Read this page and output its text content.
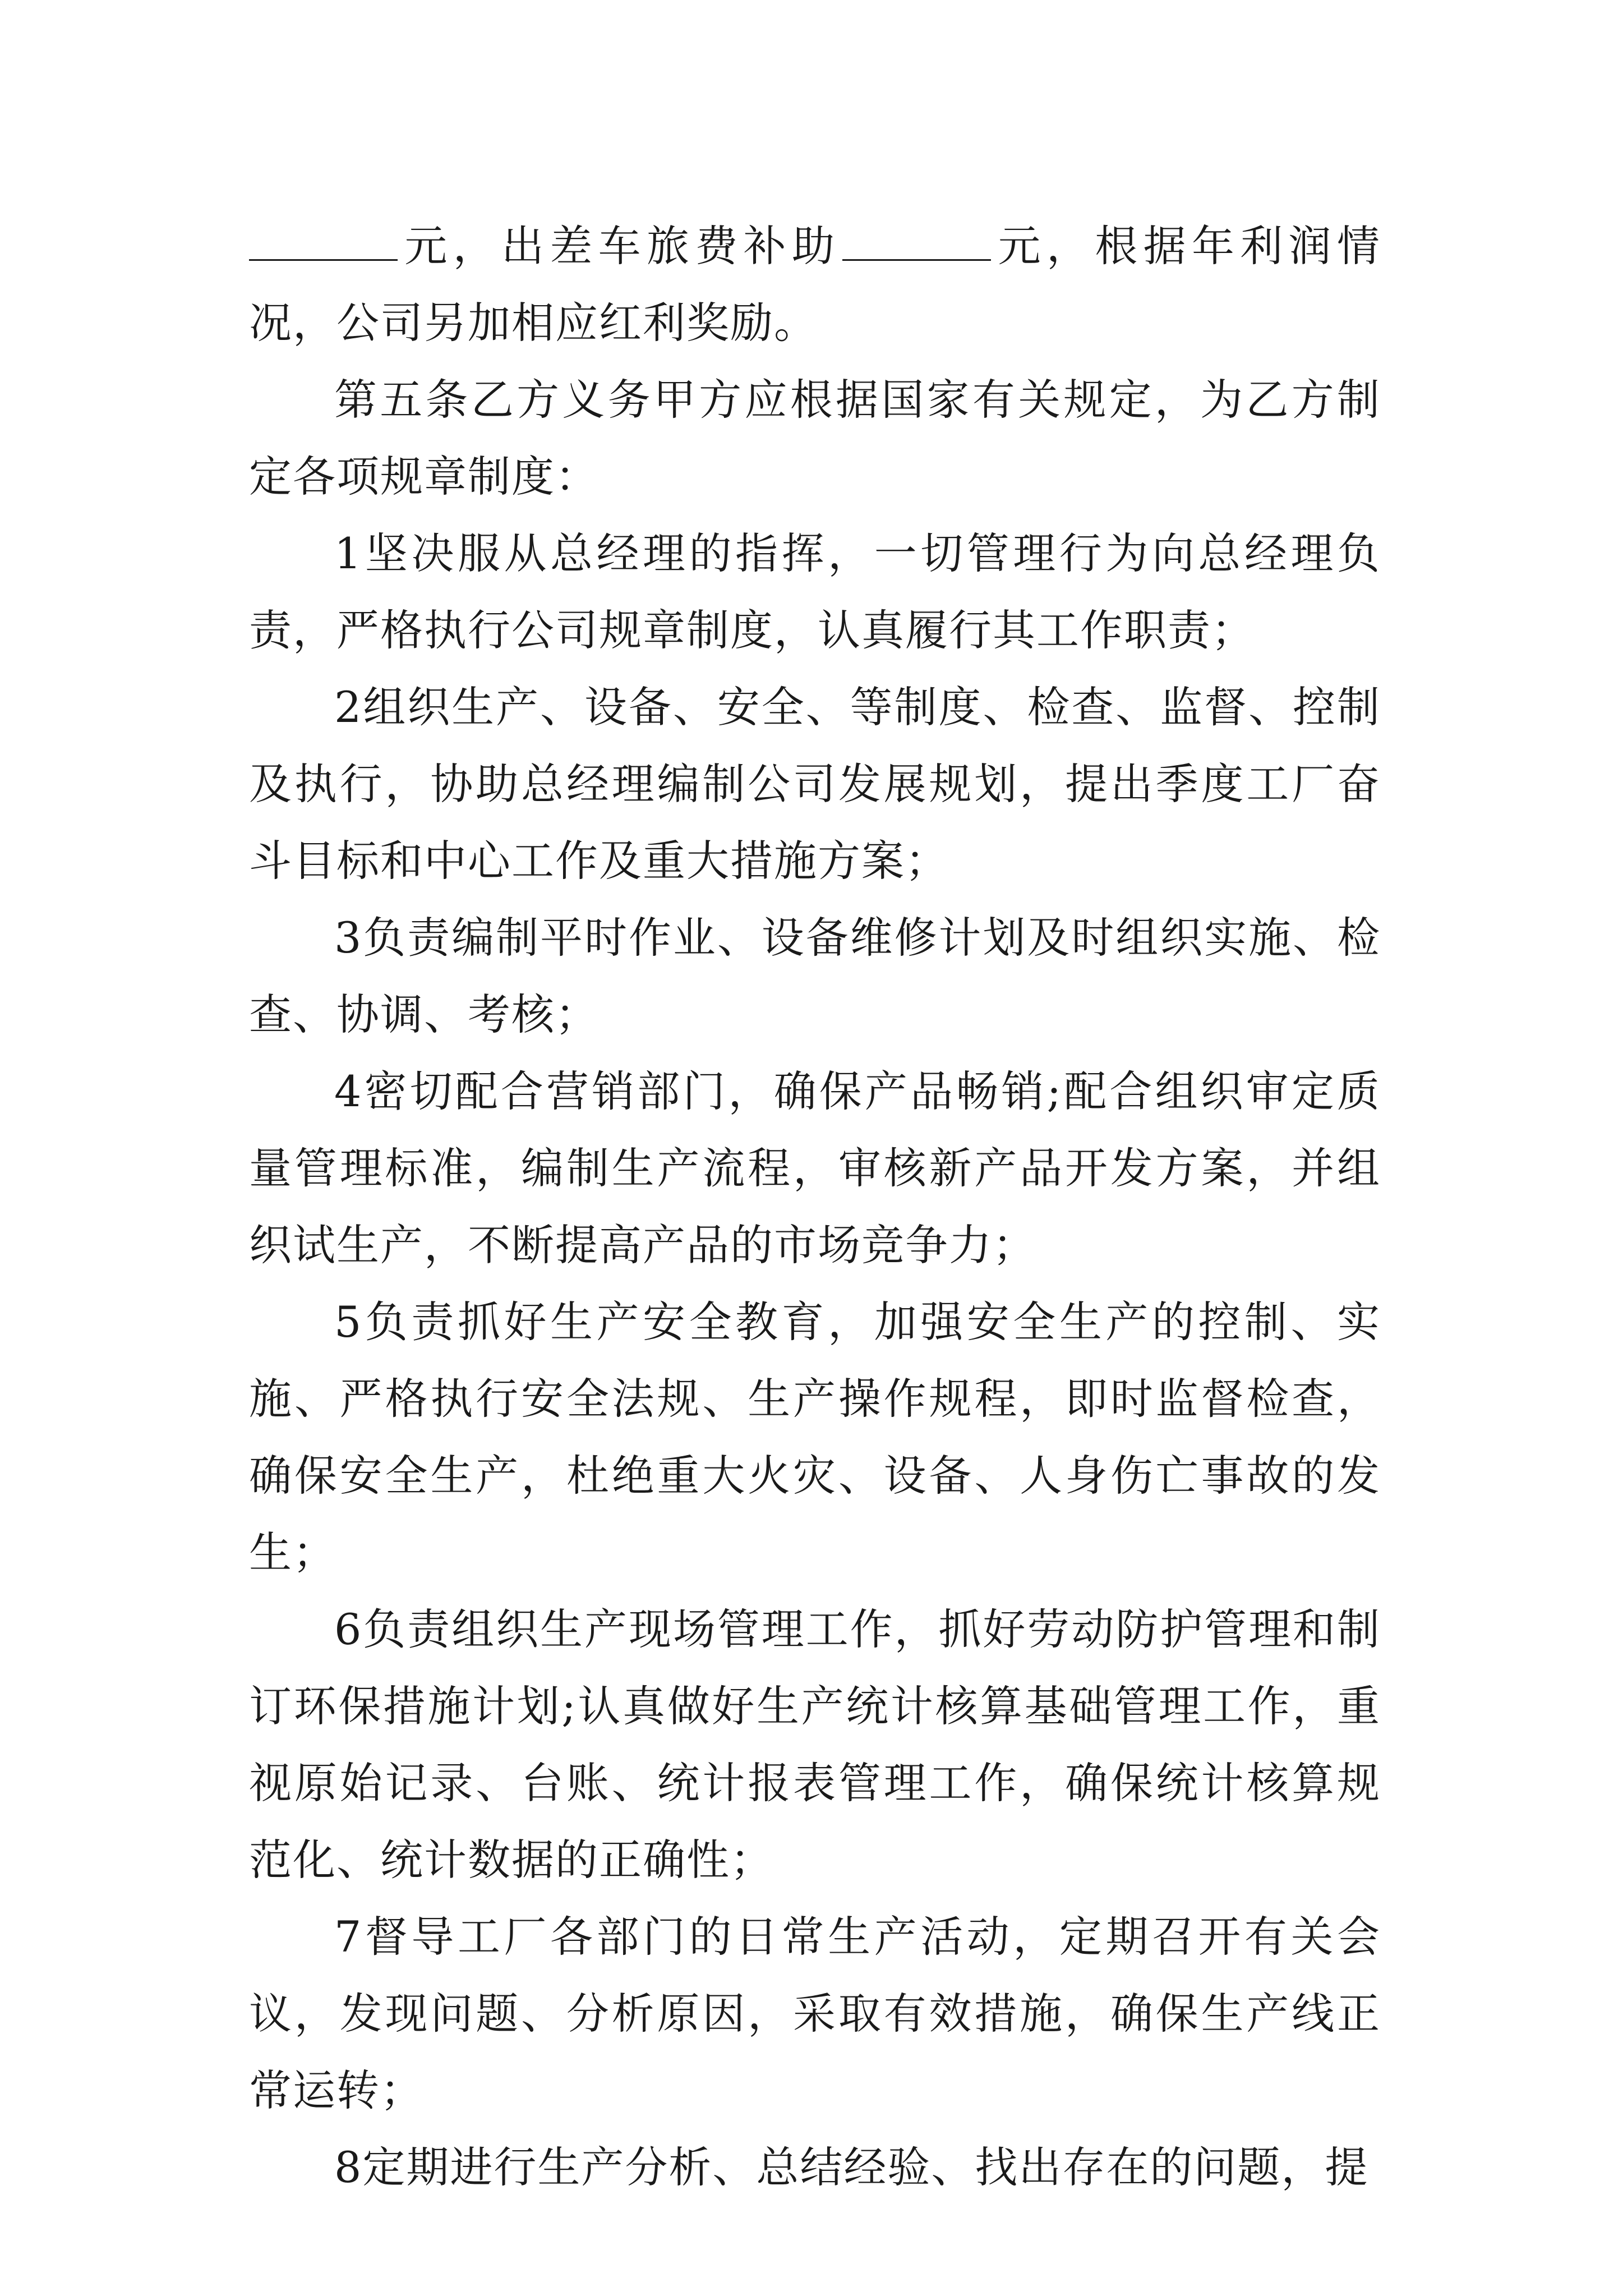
元，出差车旅费补助	元，根据年利润情况，公司另加相应红利奖励。

第五条乙方义务甲方应根据国家有关规定，为乙方制定各项规章制度：

1坚决服从总经理的指挥，一切管理行为向总经理负责，严格执行公司规章制度，认真履行其工作职责；

2组织生产、设备、安全、等制度、检查、监督、控制及执行，协助总经理编制公司发展规划，提出季度工厂奋斗目标和中心工作及重大措施方案；

3负责编制平时作业、设备维修计划及时组织实施、检查、协调、考核；

4密切配合营销部门，确保产品畅销;配合组织审定质量管理标准，编制生产流程，审核新产品开发方案，并组织试生产，不断提高产品的市场竞争力；

5负责抓好生产安全教育，加强安全生产的控制、实施、严格执行安全法规、生产操作规程，即时监督检查，确保安全生产，杜绝重大火灾、设备、人身伤亡事故的发生；

6负责组织生产现场管理工作，抓好劳动防护管理和制订环保措施计划;认真做好生产统计核算基础管理工作，重视原始记录、台账、统计报表管理工作，确保统计核算规范化、统计数据的正确性；

7督导工厂各部门的日常生产活动，定期召开有关会议，发现问题、分析原因，采取有效措施，确保生产线正常运转；

8定期进行生产分析、总结经验、找出存在的问题，提
